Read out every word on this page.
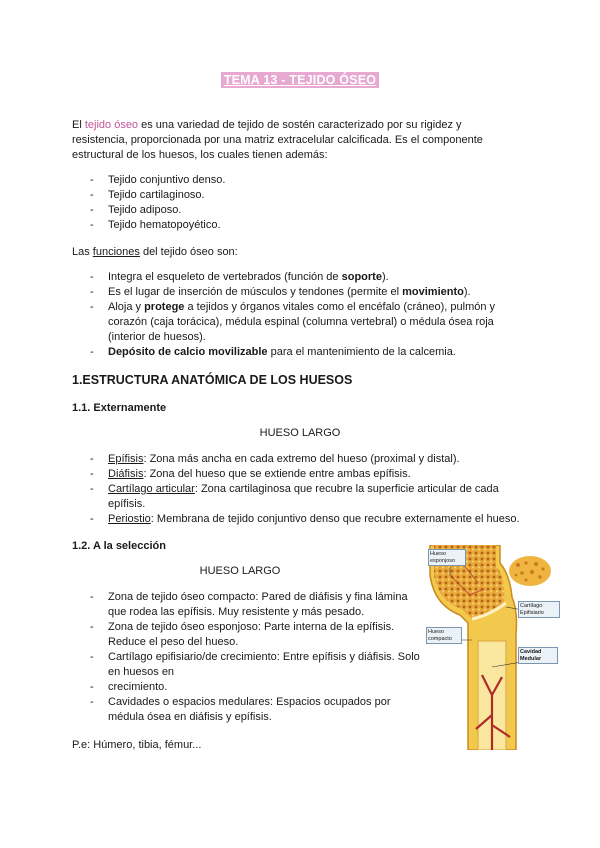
TEMA 13 - TEJIDO ÓSEO
El tejido óseo es una variedad de tejido de sostén caracterizado por su rigidez y resistencia, proporcionada por una matriz extracelular calcificada. Es el componente estructural de los huesos, los cuales tienen además:
- Tejido conjuntivo denso.
- Tejido cartilaginoso.
- Tejido adiposo.
- Tejido hematopoyético.
Las funciones del tejido óseo son:
- Integra el esqueleto de vertebrados (función de soporte).
- Es el lugar de inserción de músculos y tendones (permite el movimiento).
- Aloja y protege a tejidos y órganos vitales como el encéfalo (cráneo), pulmón y corazón (caja torácica), médula espinal (columna vertebral) o médula ósea roja (interior de huesos).
- Depósito de calcio movilizable para el mantenimiento de la calcemia.
1.ESTRUCTURA ANATÓMICA DE LOS HUESOS
1.1. Externamente
HUESO LARGO
- Epífisis: Zona más ancha en cada extremo del hueso (proximal y distal).
- Diáfisis: Zona del hueso que se extiende entre ambas epífisis.
- Cartílago articular: Zona cartilaginosa que recubre la superficie articular de cada epífisis.
- Periostio: Membrana de tejido conjuntivo denso que recubre externamente el hueso.
1.2. A la selección
HUESO LARGO
- Zona de tejido óseo compacto: Pared de diáfisis y fina lámina que rodea las epífisis. Muy resistente y más pesado.
- Zona de tejido óseo esponjoso: Parte interna de la epífisis. Reduce el peso del hueso.
- Cartílago epifisiario/de crecimiento: Entre epífisis y diáfisis. Solo en huesos en
- crecimiento.
- Cavidades o espacios medulares: Espacios ocupados por médula ósea en diáfisis y epífisis.
P.e: Húmero, tibia, fémur...
Hueso esponjoso
Hueso compacto
Cartílago Epifisiario
Cavidad Medular
